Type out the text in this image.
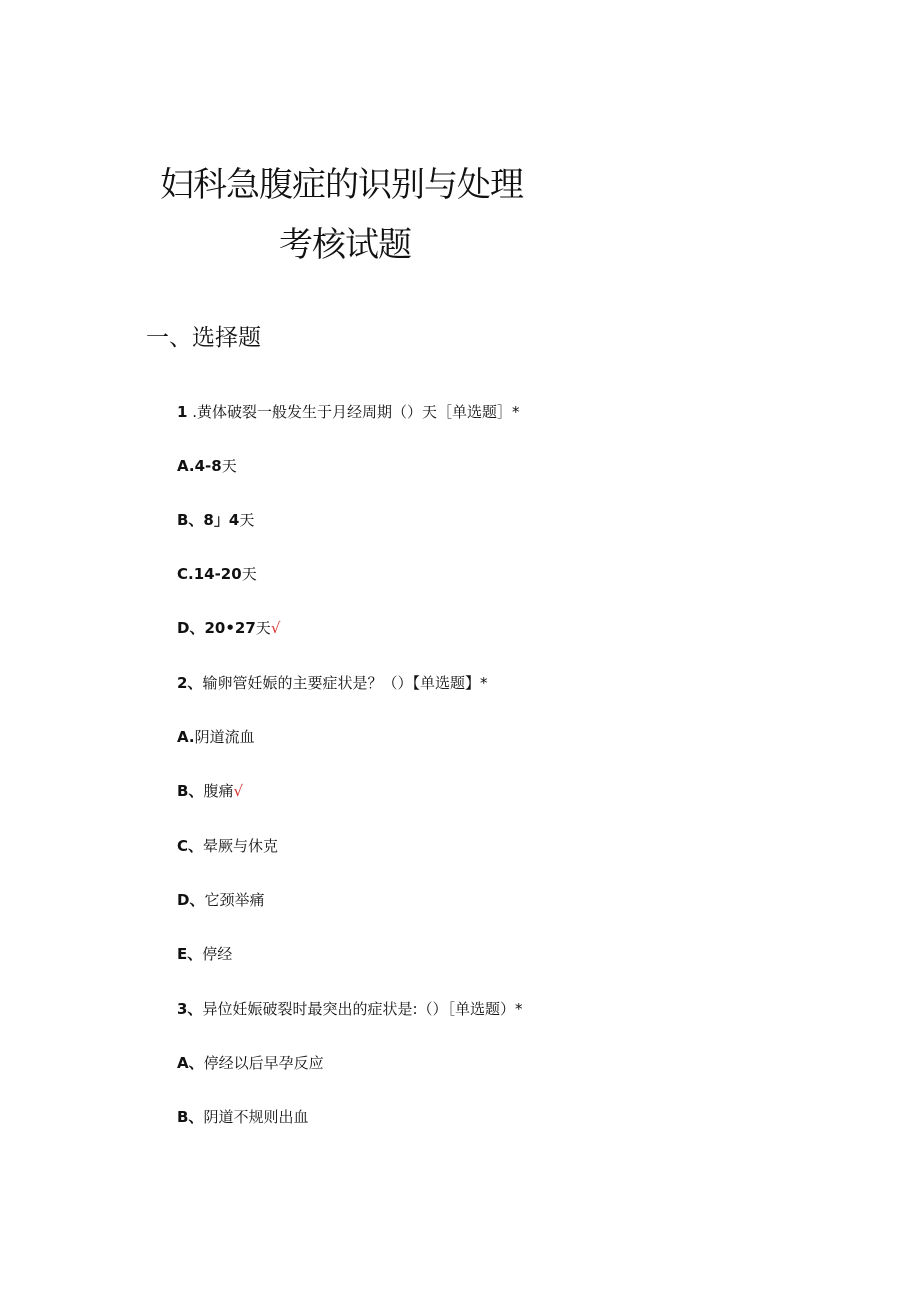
妇科急腹症的识别与处理
考核试题
一、选择题
1 .黄体破裂一般发生于月经周期（）天［单选题］*
A.4-8天
B、8」4天
C.14-20天
D、20•27天√
2、输卵管妊娠的主要症状是？（）【单选题】*
A.阴道流血
B、腹痛√
C、晕厥与休克
D、它颈举痛
E、停经
3、异位妊娠破裂时最突出的症状是:（）［单选题）*
A、停经以后早孕反应
B、阴道不规则出血
